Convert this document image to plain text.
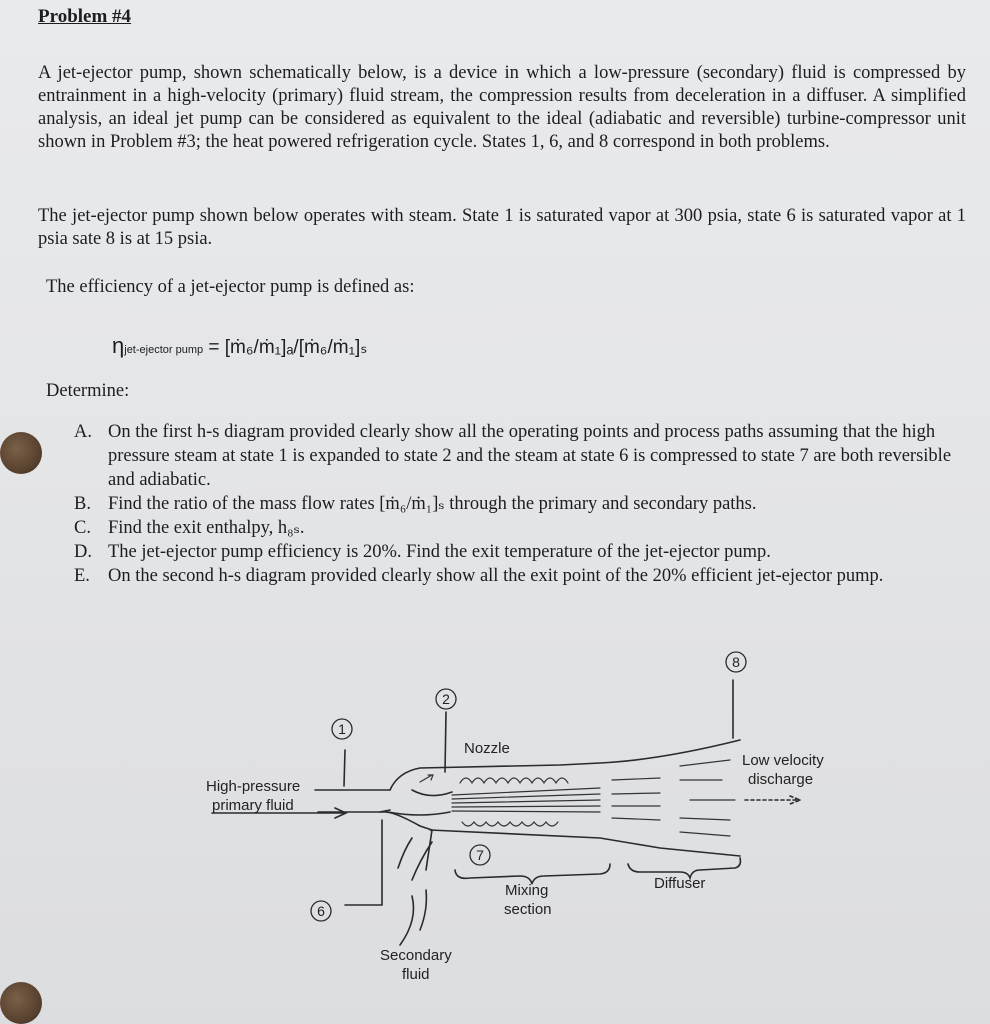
Problem #4

A jet-ejector pump, shown schematically below, is a device in which a low-pressure (secondary) fluid is compressed by entrainment in a high-velocity (primary) fluid stream, the compression results from deceleration in a diffuser. A simplified analysis, an ideal jet pump can be considered as equivalent to the ideal (adiabatic and reversible) turbine-compressor unit shown in Problem #3; the heat powered refrigeration cycle. States 1, 6, and 8 correspond in both problems.

The jet-ejector pump shown below operates with steam. State 1 is saturated vapor at 300 psia, state 6 is saturated vapor at 1 psia sate 8 is at 15 psia.

The efficiency of a jet-ejector pump is defined as:

ηjet-ejector pump = [ṁ₆/ṁ₁]ₐ/[ṁ₆/ṁ₁]ₛ
Determine:
A. On the first h-s diagram provided clearly show all the operating points and process paths assuming that the high pressure steam at state 1 is expanded to state 2 and the steam at state 6 is compressed to state 7 are both reversible and adiabatic.
B. Find the ratio of the mass flow rates [ṁ₆/ṁ₁]ₛ through the primary and secondary paths.
C. Find the exit enthalpy, h₈ₛ.
D. The jet-ejector pump efficiency is 20%. Find the exit temperature of the jet-ejector pump.
E. On the second h-s diagram provided clearly show all the exit point of the 20% efficient jet-ejector pump.
1
2
6
7
8
Nozzle
High-pressure
primary fluid
Low velocity
discharge
Mixing
section
Diffuser
Secondary
fluid
